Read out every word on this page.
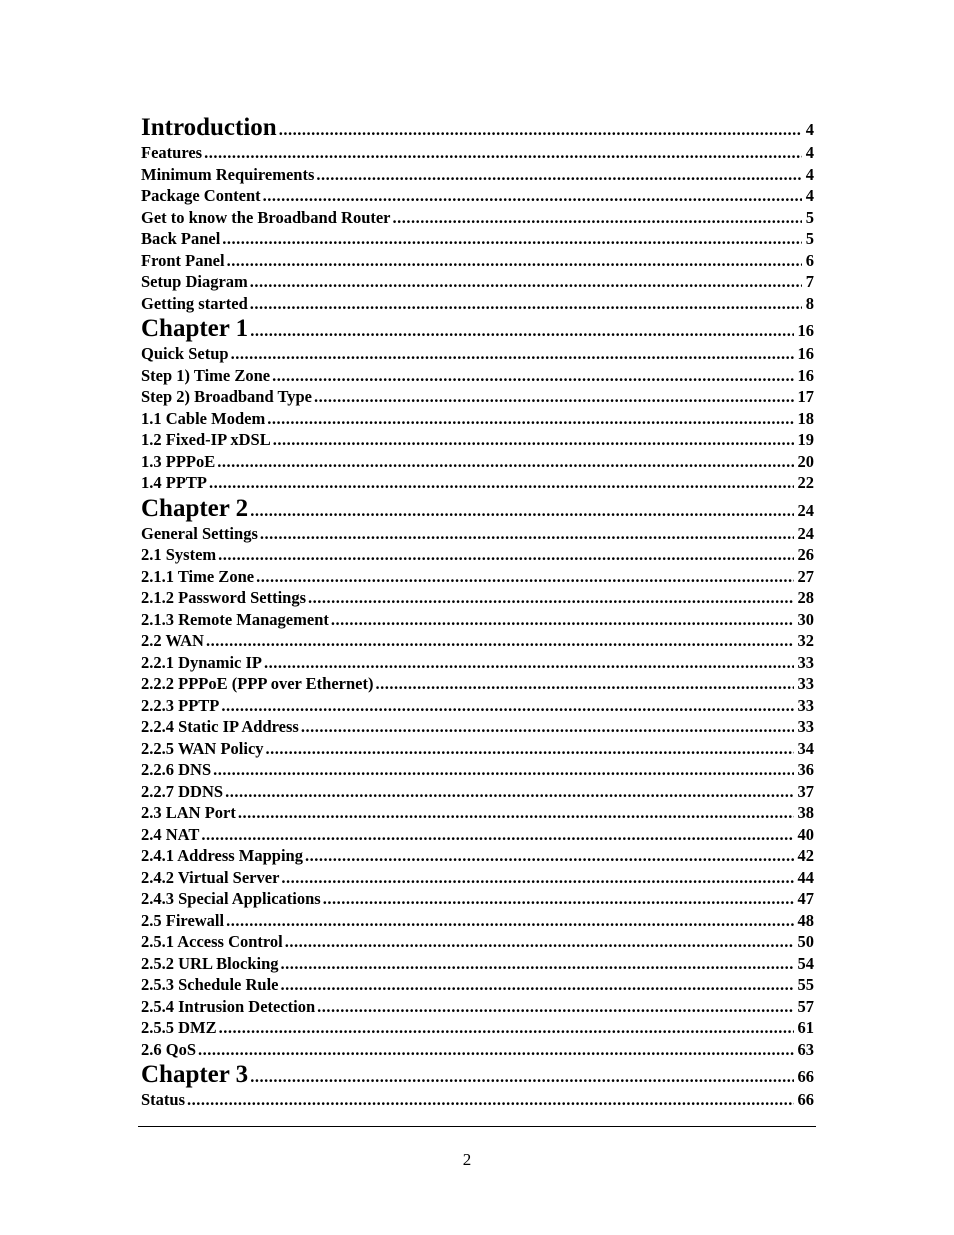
Introduction .....	4
Features .....	4
Minimum Requirements .....	4
Package Content .....	4
Get to know the Broadband Router .....	5
Back Panel .....	5
Front Panel .....	6
Setup Diagram .....	7
Getting started .....	8
Chapter 1 .....	16
Quick Setup .....	16
Step 1) Time Zone .....	16
Step 2) Broadband Type .....	17
1.1 Cable Modem .....	18
1.2 Fixed-IP xDSL .....	19
1.3 PPPoE .....	20
1.4 PPTP .....	22
Chapter 2 .....	24
General Settings .....	24
2.1 System .....	26
2.1.1 Time Zone .....	27
2.1.2 Password Settings .....	28
2.1.3 Remote Management .....	30
2.2 WAN .....	32
2.2.1 Dynamic IP .....	33
2.2.2 PPPoE (PPP over Ethernet) .....	33
2.2.3 PPTP .....	33
2.2.4 Static IP Address .....	33
2.2.5 WAN Policy .....	34
2.2.6 DNS .....	36
2.2.7 DDNS .....	37
2.3 LAN Port .....	38
2.4 NAT .....	40
2.4.1 Address Mapping .....	42
2.4.2 Virtual Server .....	44
2.4.3 Special Applications .....	47
2.5 Firewall .....	48
2.5.1 Access Control .....	50
2.5.2 URL Blocking .....	54
2.5.3 Schedule Rule .....	55
2.5.4 Intrusion Detection .....	57
2.5.5 DMZ .....	61
2.6 QoS .....	63
Chapter 3 .....	66
Status .....	66
2
